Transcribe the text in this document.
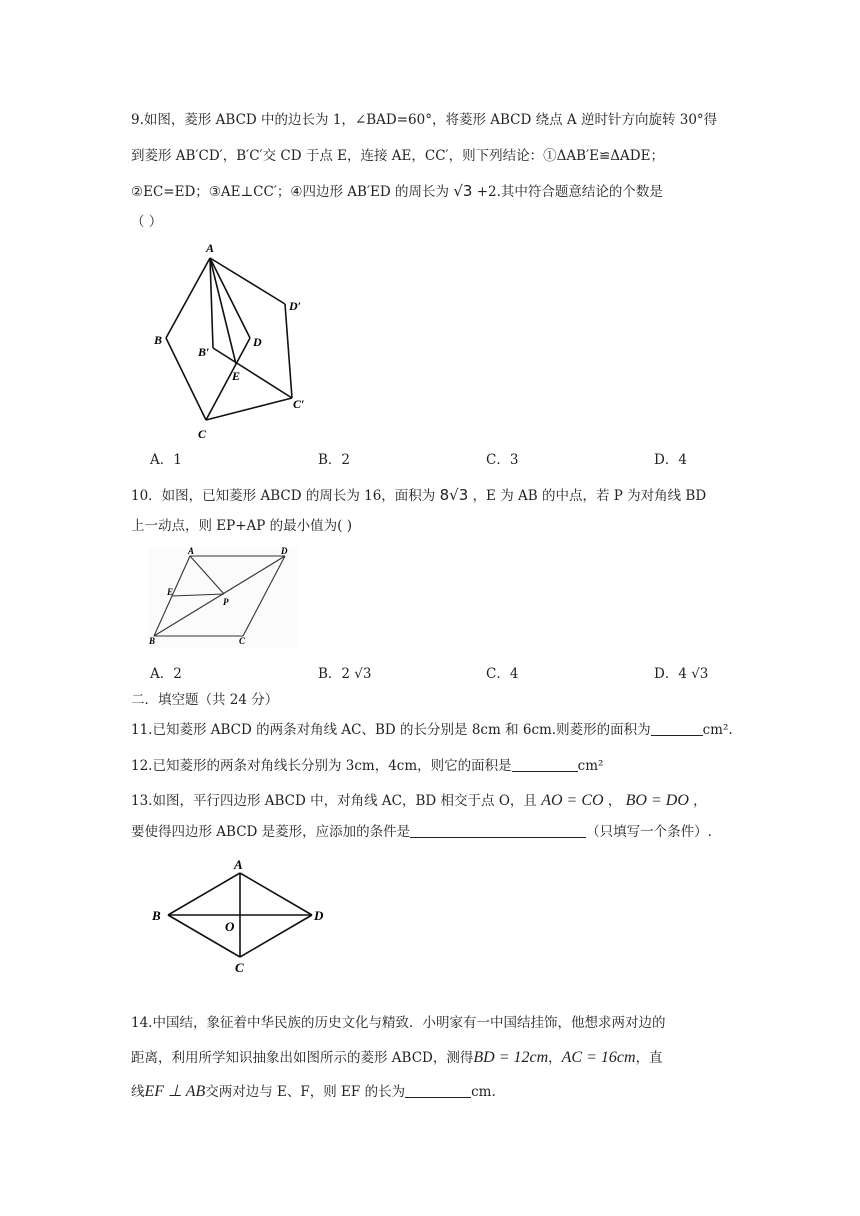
9.如图，菱形 ABCD 中的边长为 1，∠BAD=60°，将菱形 ABCD 绕点 A 逆时针方向旋转 30°得
到菱形 AB′CD′，B′C′交 CD 于点 E，连接 AE，CC′，则下列结论：①ΔAB′E≌ΔADE；
②EC=ED；③AE⊥CC′；④四边形 AB′ED 的周长为 √3 +2.其中符合题意结论的个数是
（ ）
A
B
C
D
B′
C′
D′
E
A．1	B．2	C．3	D．4
10．如图，已知菱形 ABCD 的周长为 16，面积为 8√3 ，E 为 AB 的中点，若 P 为对角线 BD
上一动点，则 EP+AP 的最小值为( )
A
B	C
D
E
P
A．2	B．2 √3	C．4	D．4 √3
二．填空题（共 24 分）
11.已知菱形 ABCD 的两条对角线 AC、BD 的长分别是 8cm 和 6cm.则菱形的面积为	cm².
12.已知菱形的两条对角线长分别为 3cm，4cm，则它的面积是	cm²
13.如图，平行四边形 ABCD 中，对角线 AC，BD 相交于点 O，且 AO = CO ， BO = DO ，
要使得四边形 ABCD 是菱形，应添加的条件是	（只填写一个条件）.
A
B
C
D
O
14.中国结，象征着中华民族的历史文化与精致．小明家有一中国结挂饰，他想求两对边的
距离，利用所学知识抽象出如图所示的菱形 ABCD，测得BD = 12cm，AC = 16cm，直
线EF ⊥ AB交两对边与 E、F，则 EF 的长为	cm.
